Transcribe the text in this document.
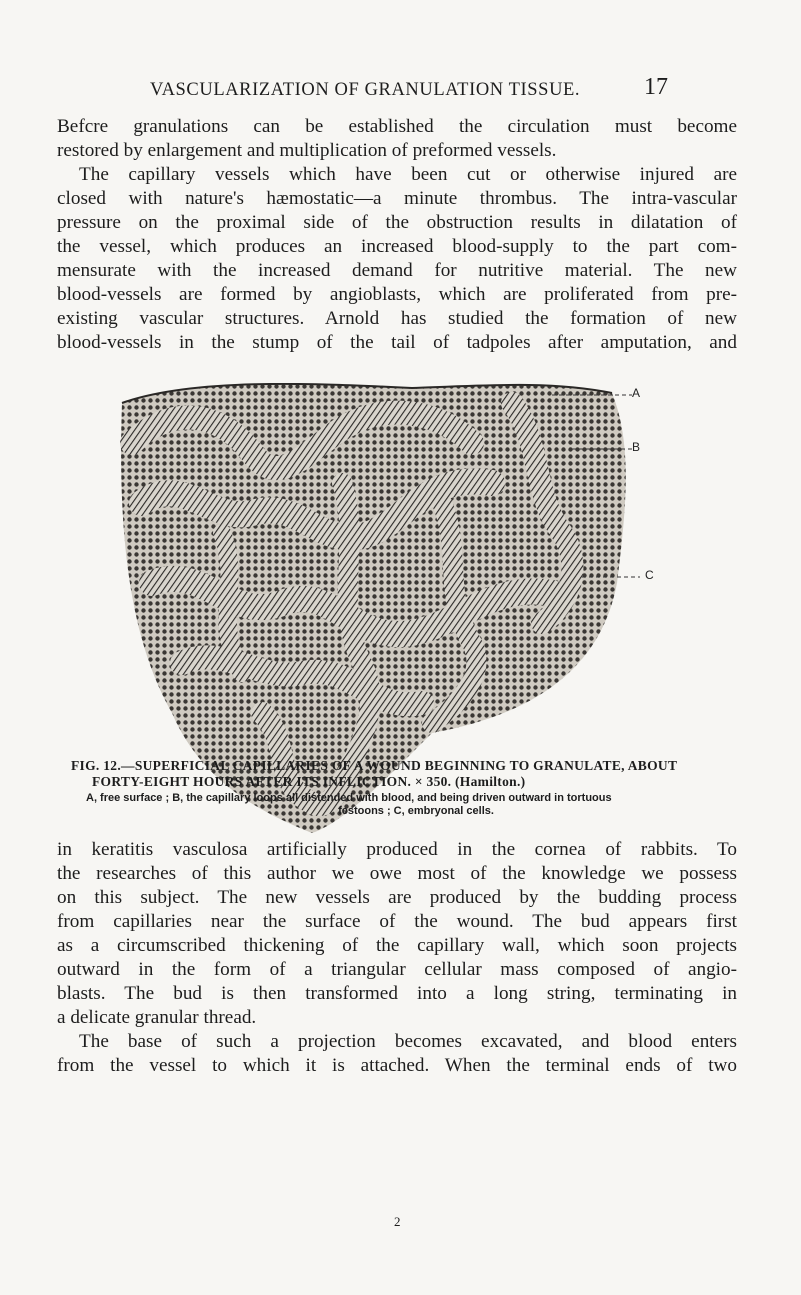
VASCULARIZATION OF GRANULATION TISSUE.	17
Befcre granulations can be established the circulation must become
restored by enlargement and multiplication of preformed vessels.
The capillary vessels which have been cut or otherwise injured are
closed with nature's hæmostatic—a minute thrombus. The intra-vascular
pressure on the proximal side of the obstruction results in dilatation of
the vessel, which produces an increased blood-supply to the part com-
mensurate with the increased demand for nutritive material. The new
blood-vessels are formed by angioblasts, which are proliferated from pre-
existing vascular structures. Arnold has studied the formation of new
blood-vessels in the stump of the tail of tadpoles after amputation, and
A
B
C
FIG. 12.—SUPERFICIAL CAPILLARIES OF A WOUND BEGINNING TO GRANULATE, ABOUT
FORTY-EIGHT HOURS AFTER ITS INFLICTION. × 350. (Hamilton.)
A, free surface ; B, the capillary loops all distended with blood, and being driven outward in tortuous
festoons ; C, embryonal cells.
in keratitis vasculosa artificially produced in the cornea of rabbits. To
the researches of this author we owe most of the knowledge we possess
on this subject. The new vessels are produced by the budding process
from capillaries near the surface of the wound. The bud appears first
as a circumscribed thickening of the capillary wall, which soon projects
outward in the form of a triangular cellular mass composed of angio-
blasts. The bud is then transformed into a long string, terminating in
a delicate granular thread.
The base of such a projection becomes excavated, and blood enters
from the vessel to which it is attached. When the terminal ends of two
2
